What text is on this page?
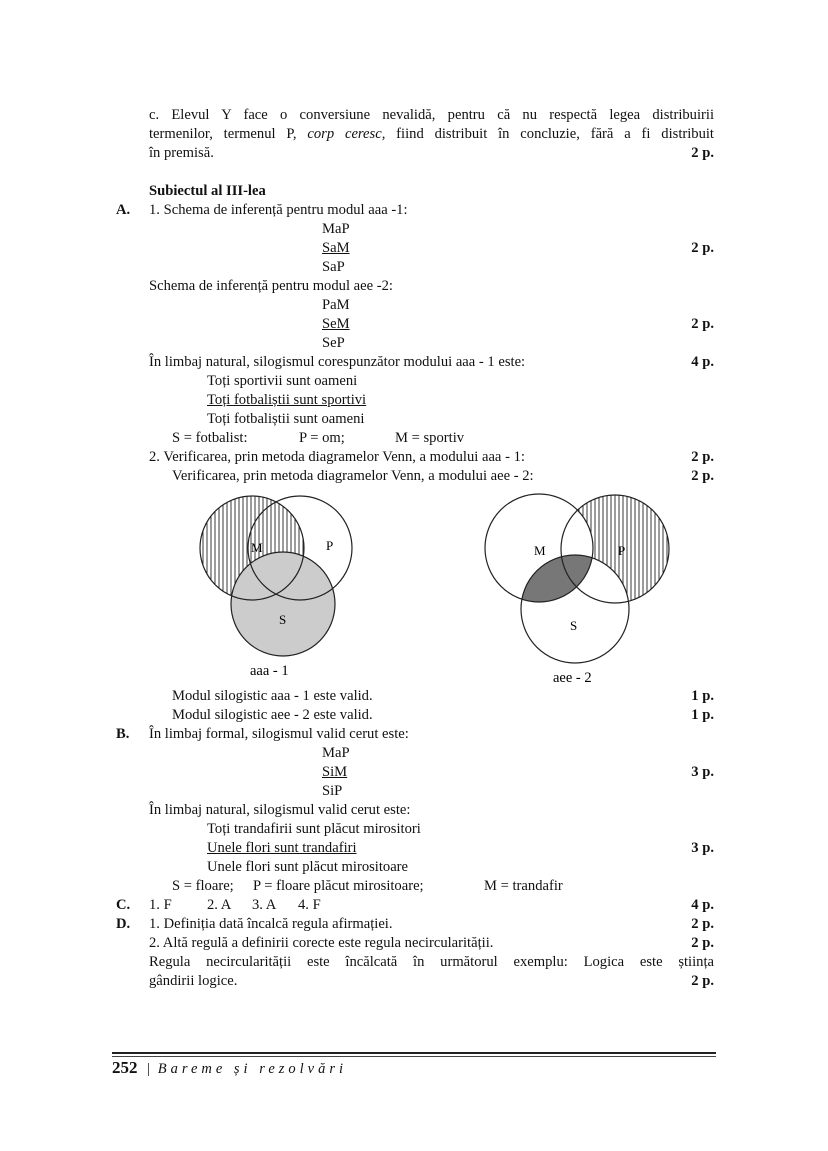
c. Elevul Y face o conversiune nevalidă, pentru că nu respectă legea distribuirii
termenilor, termenul P, corp ceresc, fiind distribuit în concluzie, fără a fi distribuit
în premisă.	2 p.
Subiectul al III-lea
A. 1. Schema de inferență pentru modul aaa -1:
MaP
SaM
SaP
2 p.
Schema de inferență pentru modul aee -2:
PaM
SeM
SeP
2 p.
În limbaj natural, silogismul corespunzător modului aaa - 1 este:	4 p.
Toți sportivii sunt oameni
Toți fotbaliștii sunt sportivi
Toți fotbaliștii sunt oameni
S = fotbalist:	P = om;	M = sportiv
2. Verificarea, prin metoda diagramelor Venn, a modului aaa - 1:	2 p.
Verificarea, prin metoda diagramelor Venn, a modului aee - 2:	2 p.
M	P
S
aaa - 1
M	P
S
aee - 2
Modul silogistic aaa - 1 este valid.	1 p.
Modul silogistic aee - 2 este valid.	1 p.
B. În limbaj formal, silogismul valid cerut este:
MaP
SiM
SiP
3 p.
În limbaj natural, silogismul valid cerut este:
Toți trandafirii sunt plăcut mirositori
Unele flori sunt trandafiri
Unele flori sunt plăcut mirositoare
3 p.
S = floare; P = floare plăcut mirositoare;	M = trandafir
C. 1. F 2. A 3. A 4. F	4 p.
D. 1. Definiția dată încalcă regula afirmației.	2 p.
2. Altă regulă a definirii corecte este regula necircularității.	2 p.
Regula necircularității este încălcată în următorul exemplu: Logica este știința
gândirii logice.	2 p.
252 | Bareme și rezolvări
